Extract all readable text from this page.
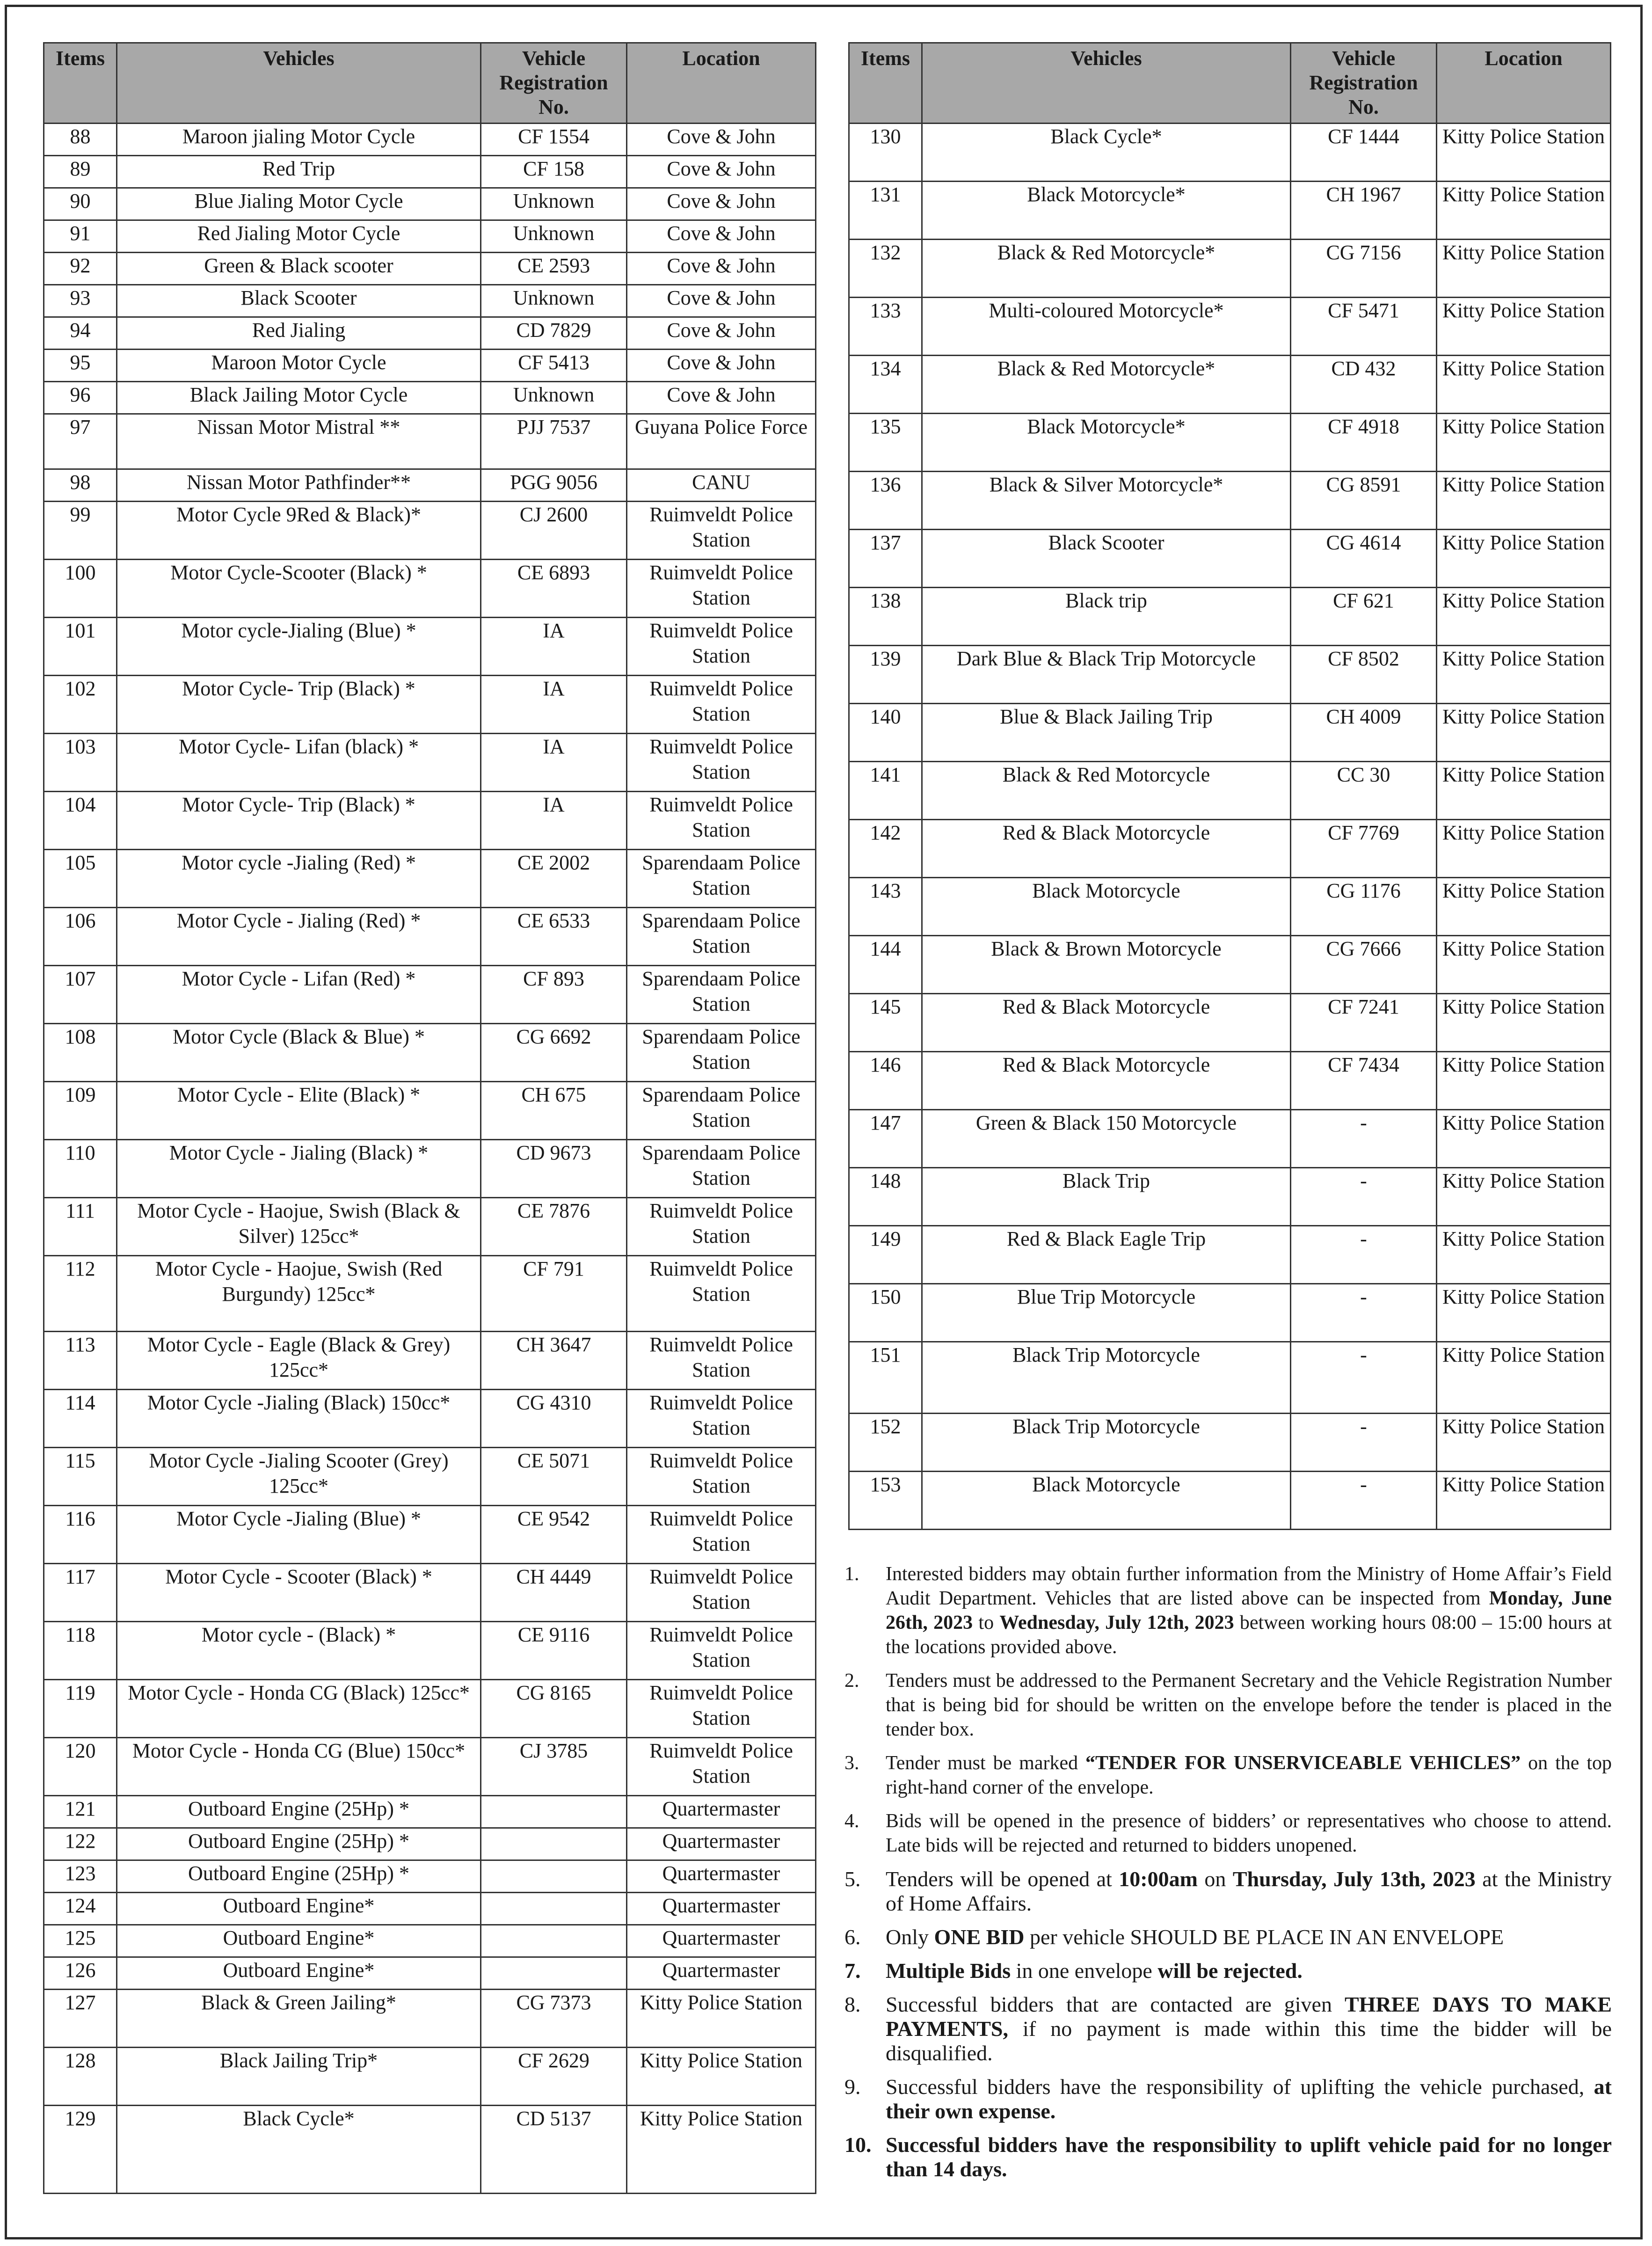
Items	Vehicles	Vehicle Registration No.	Location
88	Maroon jialing Motor Cycle	CF 1554	Cove & John
89	Red Trip	CF 158	Cove & John
90	Blue Jialing Motor Cycle	Unknown	Cove & John
91	Red Jialing Motor Cycle	Unknown	Cove & John
92	Green & Black scooter	CE 2593	Cove & John
93	Black Scooter	Unknown	Cove & John
94	Red Jialing	CD 7829	Cove & John
95	Maroon Motor Cycle	CF 5413	Cove & John
96	Black Jailing Motor Cycle	Unknown	Cove & John
97	Nissan Motor Mistral **	PJJ 7537	Guyana Police Force
98	Nissan Motor Pathfinder**	PGG 9056	CANU
99	Motor Cycle 9Red & Black)*	CJ 2600	Ruimveldt Police Station
100	Motor Cycle-Scooter (Black) *	CE 6893	Ruimveldt Police Station
101	Motor cycle-Jialing (Blue) *	IA	Ruimveldt Police Station
102	Motor Cycle- Trip (Black) *	IA	Ruimveldt Police Station
103	Motor Cycle- Lifan (black) *	IA	Ruimveldt Police Station
104	Motor Cycle- Trip (Black) *	IA	Ruimveldt Police Station
105	Motor cycle -Jialing (Red) *	CE 2002	Sparendaam Police Station
106	Motor Cycle - Jialing (Red) *	CE 6533	Sparendaam Police Station
107	Motor Cycle - Lifan (Red) *	CF 893	Sparendaam Police Station
108	Motor Cycle (Black & Blue) *	CG 6692	Sparendaam Police Station
109	Motor Cycle - Elite (Black) *	CH 675	Sparendaam Police Station
110	Motor Cycle - Jialing (Black) *	CD 9673	Sparendaam Police Station
111	Motor Cycle - Haojue, Swish (Black & Silver) 125cc*	CE 7876	Ruimveldt Police Station
112	Motor Cycle - Haojue, Swish (Red Burgundy) 125cc*	CF 791	Ruimveldt Police Station
113	Motor Cycle - Eagle (Black & Grey) 125cc*	CH 3647	Ruimveldt Police Station
114	Motor Cycle -Jialing (Black) 150cc*	CG 4310	Ruimveldt Police Station
115	Motor Cycle -Jialing Scooter (Grey) 125cc*	CE 5071	Ruimveldt Police Station
116	Motor Cycle -Jialing (Blue) *	CE 9542	Ruimveldt Police Station
117	Motor Cycle - Scooter (Black) *	CH 4449	Ruimveldt Police Station
118	Motor cycle - (Black) *	CE 9116	Ruimveldt Police Station
119	Motor Cycle - Honda CG (Black) 125cc*	CG 8165	Ruimveldt Police Station
120	Motor Cycle - Honda CG (Blue) 150cc*	CJ 3785	Ruimveldt Police Station
121	Outboard Engine (25Hp) *		Quartermaster
122	Outboard Engine (25Hp) *		Quartermaster
123	Outboard Engine (25Hp) *		Quartermaster
124	Outboard Engine*		Quartermaster
125	Outboard Engine*		Quartermaster
126	Outboard Engine*		Quartermaster
127	Black & Green Jailing*	CG 7373	Kitty Police Station
128	Black Jailing Trip*	CF 2629	Kitty Police Station
129	Black Cycle*	CD 5137	Kitty Police Station
Items	Vehicles	Vehicle Registration No.	Location
130	Black Cycle*	CF 1444	Kitty Police Station
131	Black Motorcycle*	CH 1967	Kitty Police Station
132	Black & Red Motorcycle*	CG 7156	Kitty Police Station
133	Multi-coloured Motorcycle*	CF 5471	Kitty Police Station
134	Black & Red Motorcycle*	CD 432	Kitty Police Station
135	Black Motorcycle*	CF 4918	Kitty Police Station
136	Black & Silver Motorcycle*	CG 8591	Kitty Police Station
137	Black Scooter	CG 4614	Kitty Police Station
138	Black trip	CF 621	Kitty Police Station
139	Dark Blue & Black Trip Motorcycle	CF 8502	Kitty Police Station
140	Blue & Black Jailing Trip	CH 4009	Kitty Police Station
141	Black & Red Motorcycle	CC 30	Kitty Police Station
142	Red & Black Motorcycle	CF 7769	Kitty Police Station
143	Black Motorcycle	CG 1176	Kitty Police Station
144	Black & Brown Motorcycle	CG 7666	Kitty Police Station
145	Red & Black Motorcycle	CF 7241	Kitty Police Station
146	Red & Black Motorcycle	CF 7434	Kitty Police Station
147	Green & Black 150 Motorcycle	-	Kitty Police Station
148	Black Trip	-	Kitty Police Station
149	Red & Black Eagle Trip	-	Kitty Police Station
150	Blue Trip Motorcycle	-	Kitty Police Station
151	Black Trip Motorcycle	-	Kitty Police Station
152	Black Trip Motorcycle	-	Kitty Police Station
153	Black Motorcycle	-	Kitty Police Station
1. Interested bidders may obtain further information from the Ministry of Home Affair’s Field Audit Department. Vehicles that are listed above can be inspected from Monday, June 26th, 2023 to Wednesday, July 12th, 2023 between working hours 08:00 – 15:00 hours at the locations provided above.
2. Tenders must be addressed to the Permanent Secretary and the Vehicle Registration Number that is being bid for should be written on the envelope before the tender is placed in the tender box.
3. Tender must be marked “TENDER FOR UNSERVICEABLE VEHICLES” on the top right-hand corner of the envelope.
4. Bids will be opened in the presence of bidders’ or representatives who choose to attend. Late bids will be rejected and returned to bidders unopened.
5. Tenders will be opened at 10:00am on Thursday, July 13th, 2023 at the Ministry of Home Affairs.
6. Only ONE BID per vehicle SHOULD BE PLACE IN AN ENVELOPE
7. Multiple Bids in one envelope will be rejected.
8. Successful bidders that are contacted are given THREE DAYS TO MAKE PAYMENTS, if no payment is made within this time the bidder will be disqualified.
9. Successful bidders have the responsibility of uplifting the vehicle purchased, at their own expense.
10. Successful bidders have the responsibility to uplift vehicle paid for no longer than 14 days.
